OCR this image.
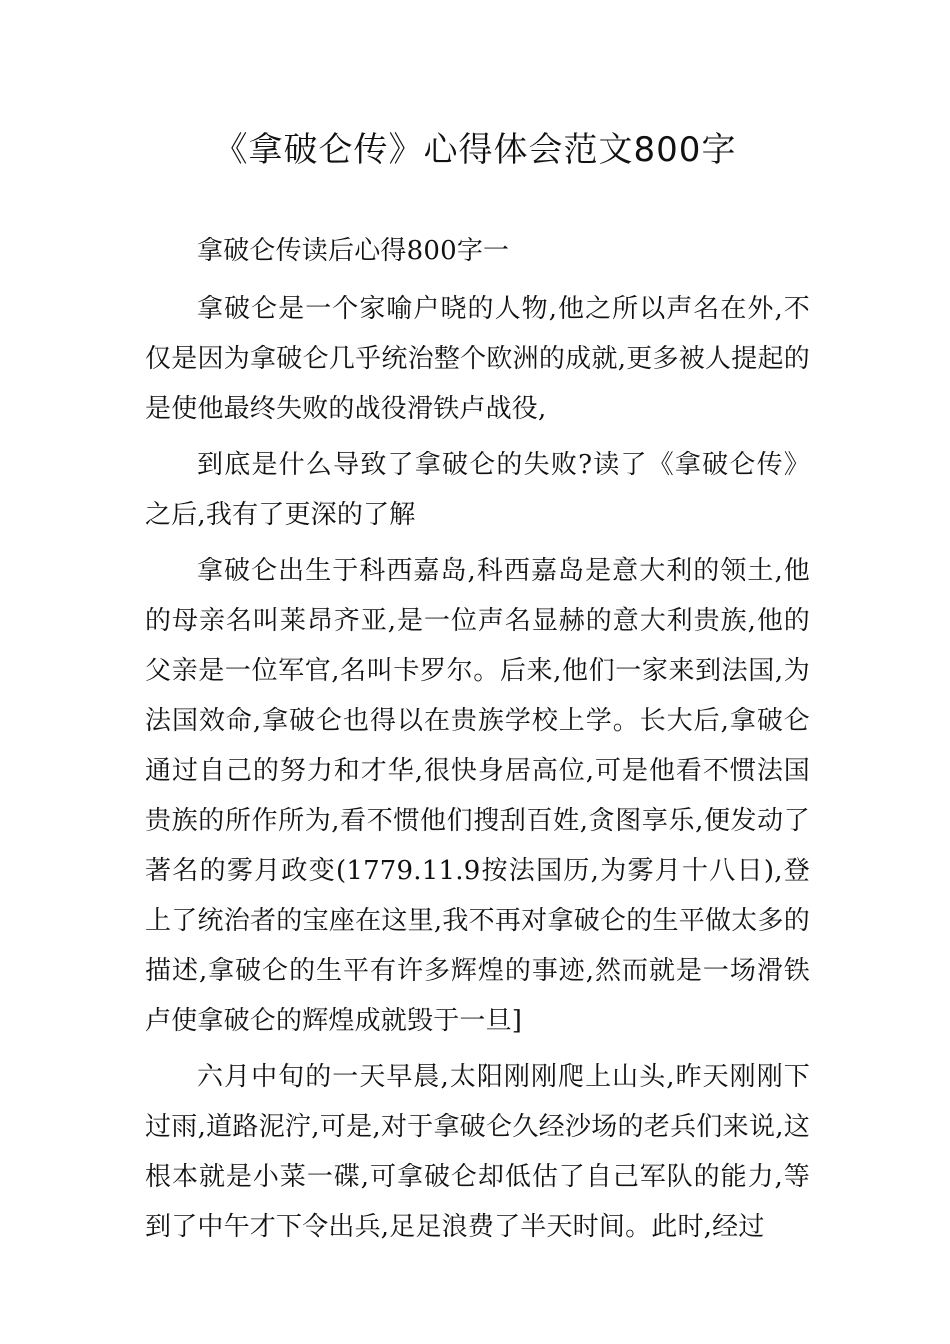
《拿破仑传》心得体会范文800字

拿破仑传读后心得800字一

拿破仑是一个家喻户晓的人物,他之所以声名在外,不仅是因为拿破仑几乎统治整个欧洲的成就,更多被人提起的是使他最终失败的战役滑铁卢战役,

到底是什么导致了拿破仑的失败?读了《拿破仑传》之后,我有了更深的了解

拿破仑出生于科西嘉岛,科西嘉岛是意大利的领土,他的母亲名叫莱昂齐亚,是一位声名显赫的意大利贵族,他的父亲是一位军官,名叫卡罗尔。后来,他们一家来到法国,为法国效命,拿破仑也得以在贵族学校上学。长大后,拿破仑通过自己的努力和才华,很快身居高位,可是他看不惯法国贵族的所作所为,看不惯他们搜刮百姓,贪图享乐,便发动了著名的雾月政变(1779.11.9按法国历,为雾月十八日),登上了统治者的宝座在这里,我不再对拿破仑的生平做太多的描述,拿破仑的生平有许多辉煌的事迹,然而就是一场滑铁卢使拿破仑的辉煌成就毁于一旦]

六月中旬的一天早晨,太阳刚刚爬上山头,昨天刚刚下过雨,道路泥泞,可是,对于拿破仑久经沙场的老兵们来说,这根本就是小菜一碟,可拿破仑却低估了自己军队的能力,等到了中午才下令出兵,足足浪费了半天时间。此时,经过
